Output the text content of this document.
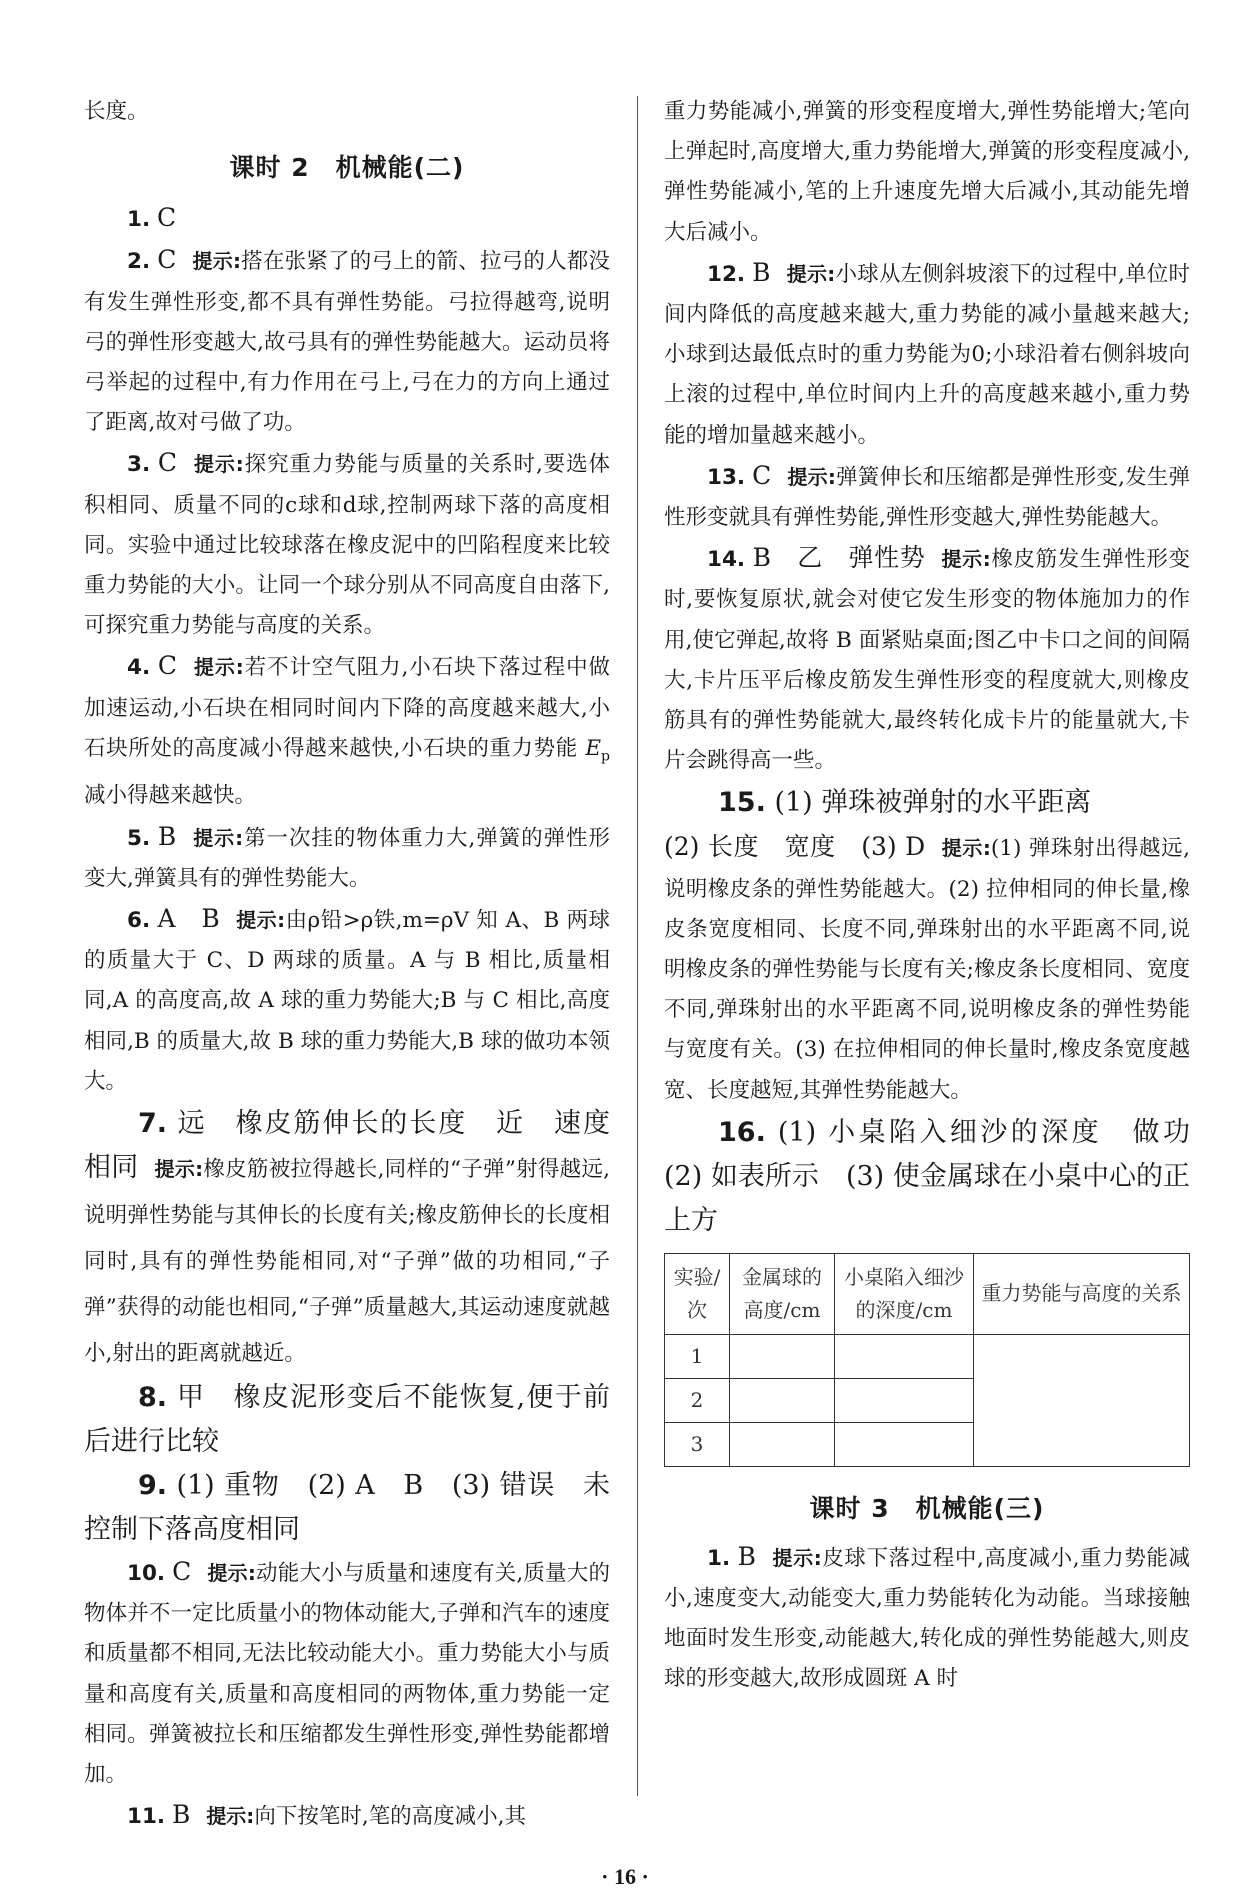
长度。

课时 2　机械能(二)

1. C

2. C 提示:搭在张紧了的弓上的箭、拉弓的人都没有发生弹性形变,都不具有弹性势能。弓拉得越弯,说明弓的弹性形变越大,故弓具有的弹性势能越大。运动员将弓举起的过程中,有力作用在弓上,弓在力的方向上通过了距离,故对弓做了功。

3. C 提示:探究重力势能与质量的关系时,要选体积相同、质量不同的c球和d球,控制两球下落的高度相同。实验中通过比较球落在橡皮泥中的凹陷程度来比较重力势能的大小。让同一个球分别从不同高度自由落下,可探究重力势能与高度的关系。

4. C 提示:若不计空气阻力,小石块下落过程中做加速运动,小石块在相同时间内下降的高度越来越大,小石块所处的高度减小得越来越快,小石块的重力势能 $E_p$ 减小得越来越快。

5. B 提示:第一次挂的物体重力大,弹簧的弹性形变大,弹簧具有的弹性势能大。

6. A　B 提示:由ρ铅>ρ铁,m=ρV 知 A、B 两球的质量大于 C、D 两球的质量。A 与 B 相比,质量相同,A 的高度高,故 A 球的重力势能大;B 与 C 相比,高度相同,B 的质量大,故 B 球的重力势能大,B 球的做功本领大。

7. 远　橡皮筋伸长的长度　近　速度　相同 提示:橡皮筋被拉得越长,同样的“子弹”射得越远,说明弹性势能与其伸长的长度有关;橡皮筋伸长的长度相同时,具有的弹性势能相同,对“子弹”做的功相同,“子弹”获得的动能也相同,“子弹”质量越大,其运动速度就越小,射出的距离就越近。

8. 甲　橡皮泥形变后不能恢复,便于前后进行比较

9. (1) 重物　(2) A　B　(3) 错误　未控制下落高度相同

10. C 提示:动能大小与质量和速度有关,质量大的物体并不一定比质量小的物体动能大,子弹和汽车的速度和质量都不相同,无法比较动能大小。重力势能大小与质量和高度有关,质量和高度相同的两物体,重力势能一定相同。弹簧被拉长和压缩都发生弹性形变,弹性势能都增加。

11. B 提示:向下按笔时,笔的高度减小,其

重力势能减小,弹簧的形变程度增大,弹性势能增大;笔向上弹起时,高度增大,重力势能增大,弹簧的形变程度减小,弹性势能减小,笔的上升速度先增大后减小,其动能先增大后减小。

12. B 提示:小球从左侧斜坡滚下的过程中,单位时间内降低的高度越来越大,重力势能的减小量越来越大;小球到达最低点时的重力势能为0;小球沿着右侧斜坡向上滚的过程中,单位时间内上升的高度越来越小,重力势能的增加量越来越小。

13. C 提示:弹簧伸长和压缩都是弹性形变,发生弹性形变就具有弹性势能,弹性形变越大,弹性势能越大。

14. B　乙　弹性势 提示:橡皮筋发生弹性形变时,要恢复原状,就会对使它发生形变的物体施加力的作用,使它弹起,故将 B 面紧贴桌面;图乙中卡口之间的间隔大,卡片压平后橡皮筋发生弹性形变的程度就大,则橡皮筋具有的弹性势能就大,最终转化成卡片的能量就大,卡片会跳得高一些。

15. (1) 弹珠被弹射的水平距离

(2) 长度　宽度　(3) D 提示:(1) 弹珠射出得越远,说明橡皮条的弹性势能越大。(2) 拉伸相同的伸长量,橡皮条宽度相同、长度不同,弹珠射出的水平距离不同,说明橡皮条的弹性势能与长度有关;橡皮条长度相同、宽度不同,弹珠射出的水平距离不同,说明橡皮条的弹性势能与宽度有关。(3) 在拉伸相同的伸长量时,橡皮条宽度越宽、长度越短,其弹性势能越大。

16. (1) 小桌陷入细沙的深度　做功　(2) 如表所示　(3) 使金属球在小桌中心的正上方

实验/次	金属球的高度/cm	小桌陷入细沙的深度/cm	重力势能与高度的关系
1			
2			
3			
课时 3　机械能(三)

1. B 提示:皮球下落过程中,高度减小,重力势能减小,速度变大,动能变大,重力势能转化为动能。当球接触地面时发生形变,动能越大,转化成的弹性势能越大,则皮球的形变越大,故形成圆斑 A 时

· 16 ·
